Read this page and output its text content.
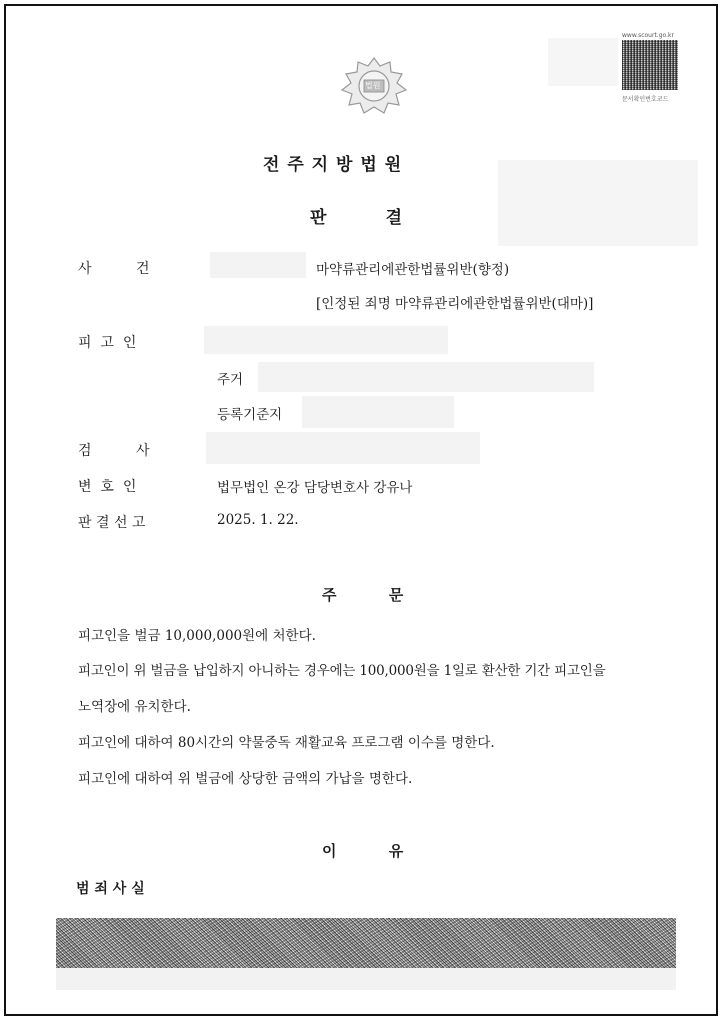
www.scourt.go.kr
문서확인번호코드
법원
전 주 지 방 법 원
판          결
사          건	마약류관리에관한법률위반(향정)
[인정된 죄명 마약류관리에관한법률위반(대마)]
피  고  인
주거
등록기준지
검          사
변  호  인	법무법인 온강 담당변호사 강유나
판 결 선 고	2025. 1. 22.
주          문
피고인을 벌금 10,000,000원에 처한다.
피고인이 위 벌금을 납입하지 아니하는 경우에는 100,000원을 1일로 환산한 기간 피고인을
노역장에 유치한다.
피고인에 대하여 80시간의 약물중독 재활교육 프로그램 이수를 명한다.
피고인에 대하여 위 벌금에 상당한 금액의 가납을 명한다.
이          유
범 죄 사 실
